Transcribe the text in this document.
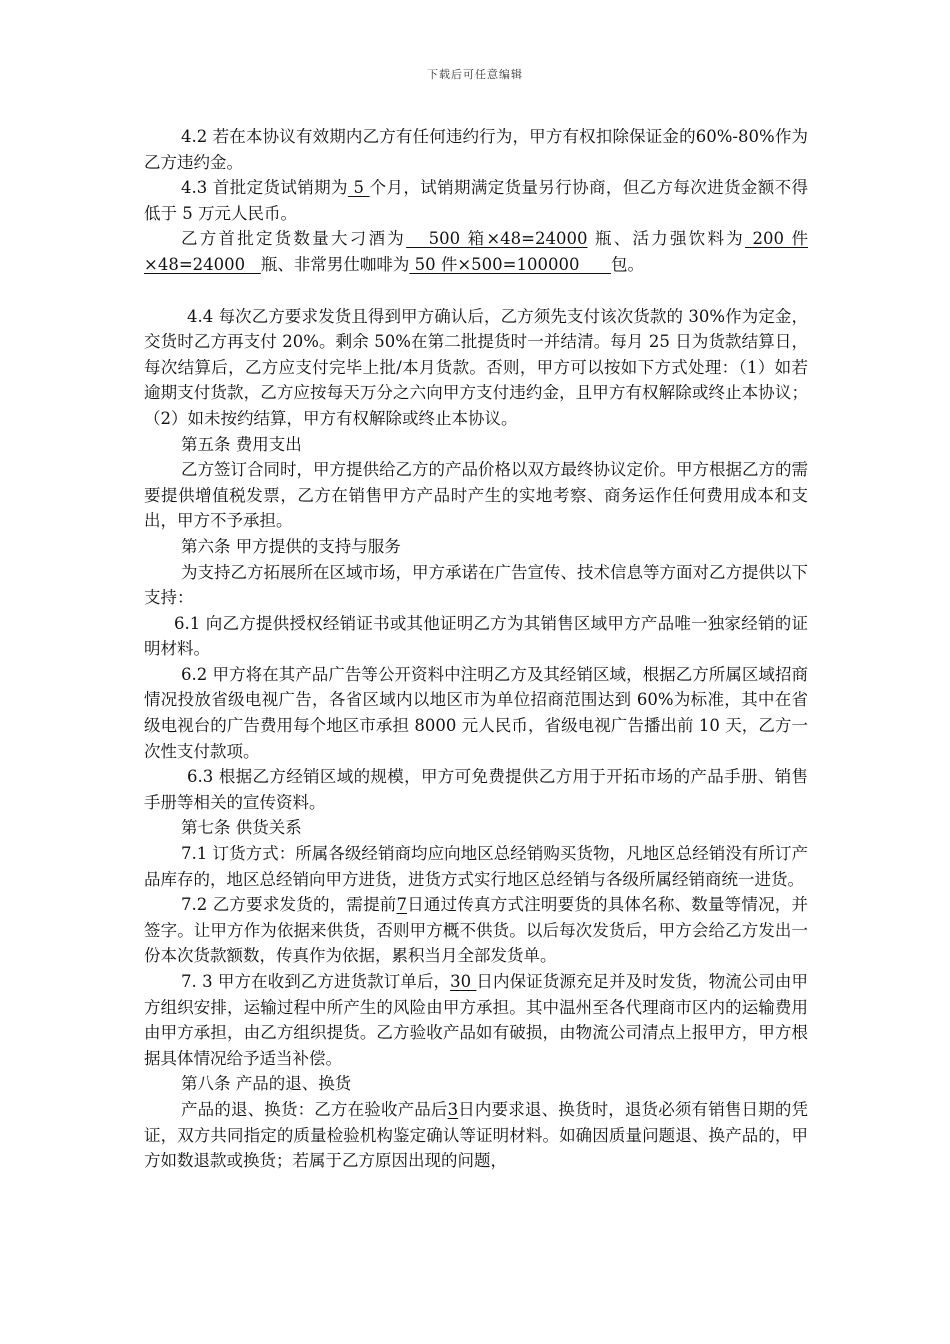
下载后可任意编辑

4.2 若在本协议有效期内乙方有任何违约行为，甲方有权扣除保证金的60%-80%作为乙方违约金。

4.3 首批定货试销期为 5 个月，试销期满定货量另行协商，但乙方每次进货金额不得低于 5 万元人民币。

乙方首批定货数量大刁酒为   500 箱×48=24000 瓶、活力强饮料为 200 件×48=24000   瓶、非常男仕咖啡为 50 件×500=100000      包。

4.4 每次乙方要求发货且得到甲方确认后，乙方须先支付该次货款的 30%作为定金，交货时乙方再支付 20%。剩余 50%在第二批提货时一并结清。每月 25 日为货款结算日，每次结算后，乙方应支付完毕上批/本月货款。否则，甲方可以按如下方式处理：（1）如若逾期支付货款，乙方应按每天万分之六向甲方支付违约金，且甲方有权解除或终止本协议；（2）如未按约结算，甲方有权解除或终止本协议。

第五条 费用支出

乙方签订合同时，甲方提供给乙方的产品价格以双方最终协议定价。甲方根据乙方的需要提供增值税发票，乙方在销售甲方产品时产生的实地考察、商务运作任何费用成本和支出，甲方不予承担。

第六条 甲方提供的支持与服务

为支持乙方拓展所在区域市场，甲方承诺在广告宣传、技术信息等方面对乙方提供以下支持：

6.1 向乙方提供授权经销证书或其他证明乙方为其销售区域甲方产品唯一独家经销的证明材料。

6.2 甲方将在其产品广告等公开资料中注明乙方及其经销区域，根据乙方所属区域招商情况投放省级电视广告，各省区域内以地区市为单位招商范围达到 60%为标准，其中在省级电视台的广告费用每个地区市承担 8000 元人民币，省级电视广告播出前 10 天，乙方一次性支付款项。

6.3 根据乙方经销区域的规模，甲方可免费提供乙方用于开拓市场的产品手册、销售手册等相关的宣传资料。

第七条 供货关系

7.1 订货方式：所属各级经销商均应向地区总经销购买货物，凡地区总经销没有所订产品库存的，地区总经销向甲方进货，进货方式实行地区总经销与各级所属经销商统一进货。

7.2 乙方要求发货的，需提前7日通过传真方式注明要货的具体名称、数量等情况，并签字。让甲方作为依据来供货，否则甲方概不供货。以后每次发货后，甲方会给乙方发出一份本次货款额数，传真作为依据，累积当月全部发货单。

7. 3 甲方在收到乙方进货款订单后，30 日内保证货源充足并及时发货，物流公司由甲方组织安排，运输过程中所产生的风险由甲方承担。其中温州至各代理商市区内的运输费用由甲方承担，由乙方组织提货。乙方验收产品如有破损，由物流公司清点上报甲方，甲方根据具体情况给予适当补偿。

第八条 产品的退、换货

产品的退、换货：乙方在验收产品后3日内要求退、换货时，退货必须有销售日期的凭证，双方共同指定的质量检验机构鉴定确认等证明材料。如确因质量问题退、换产品的，甲方如数退款或换货；若属于乙方原因出现的问题，
